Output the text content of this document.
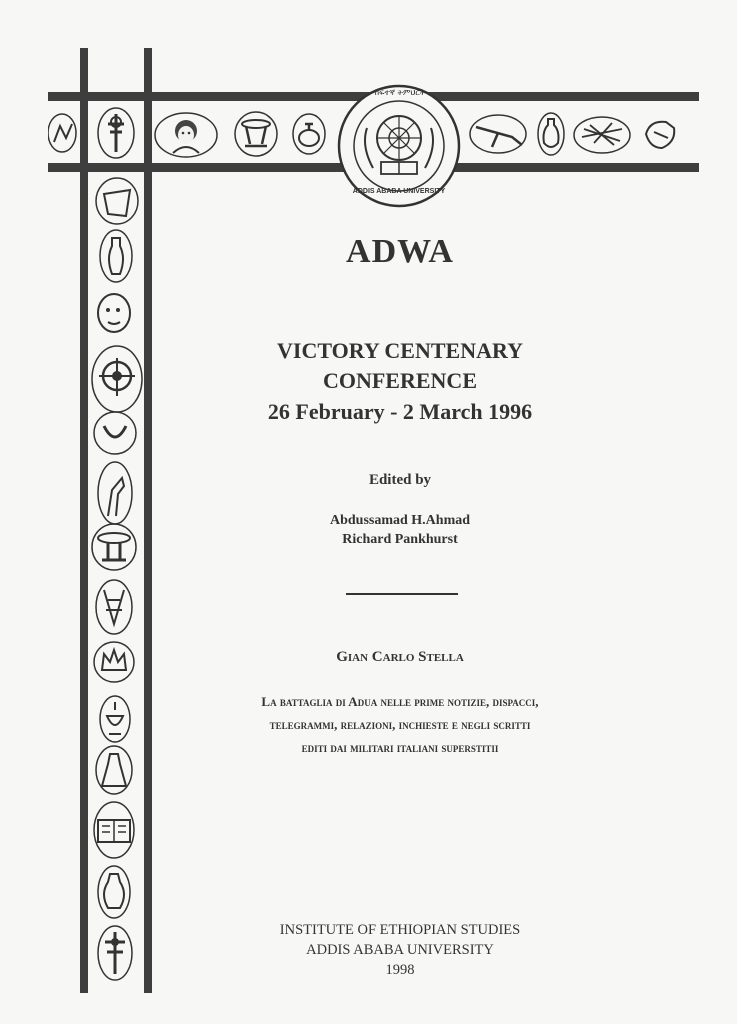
ከፍተኛ ትምህርት
ADDIS ABABA UNIVERSITY
ADWA
VICTORY CENTENARY
CONFERENCE
26 February - 2 March 1996
Edited by
Abdussamad H.Ahmad
Richard Pankhurst
Gian Carlo Stella
La battaglia di Adua nelle prime notizie, dispacci,
telegrammi, relazioni, inchieste e negli scritti
editi dai militari italiani superstitii
INSTITUTE OF ETHIOPIAN STUDIES
ADDIS ABABA UNIVERSITY
1998
